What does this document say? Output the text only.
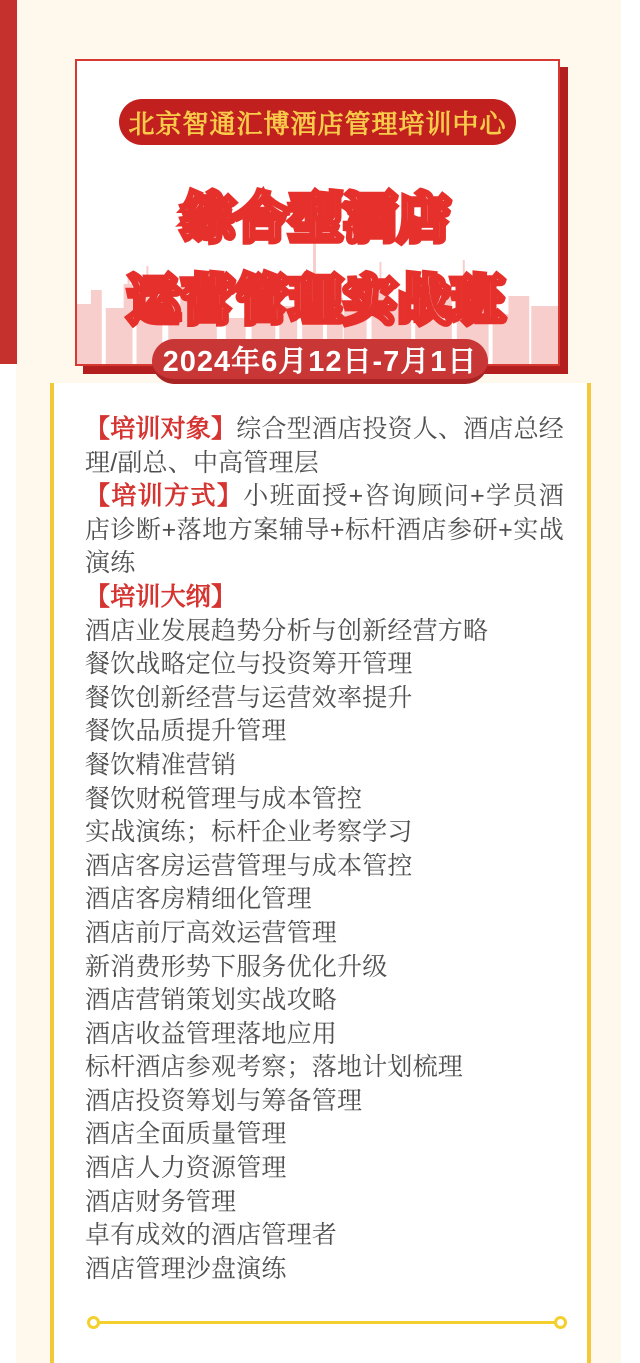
北京智通汇博酒店管理培训中心
综合型酒店 综合型酒店
运营管理实战班 运营管理实战班
2024年6月12日-7月1日

【培训对象】综合型酒店投资人、酒店总经理/副总、中高管理层

【培训方式】小班面授+咨询顾问+学员酒店诊断+落地方案辅导+标杆酒店参研+实战演练

【培训大纲】

酒店业发展趋势分析与创新经营方略
餐饮战略定位与投资筹开管理
餐饮创新经营与运营效率提升
餐饮品质提升管理
餐饮精准营销
餐饮财税管理与成本管控
实战演练；标杆企业考察学习
酒店客房运营管理与成本管控
酒店客房精细化管理
酒店前厅高效运营管理
新消费形势下服务优化升级
酒店营销策划实战攻略
酒店收益管理落地应用
标杆酒店参观考察；落地计划梳理
酒店投资筹划与筹备管理
酒店全面质量管理
酒店人力资源管理
酒店财务管理
卓有成效的酒店管理者
酒店管理沙盘演练
